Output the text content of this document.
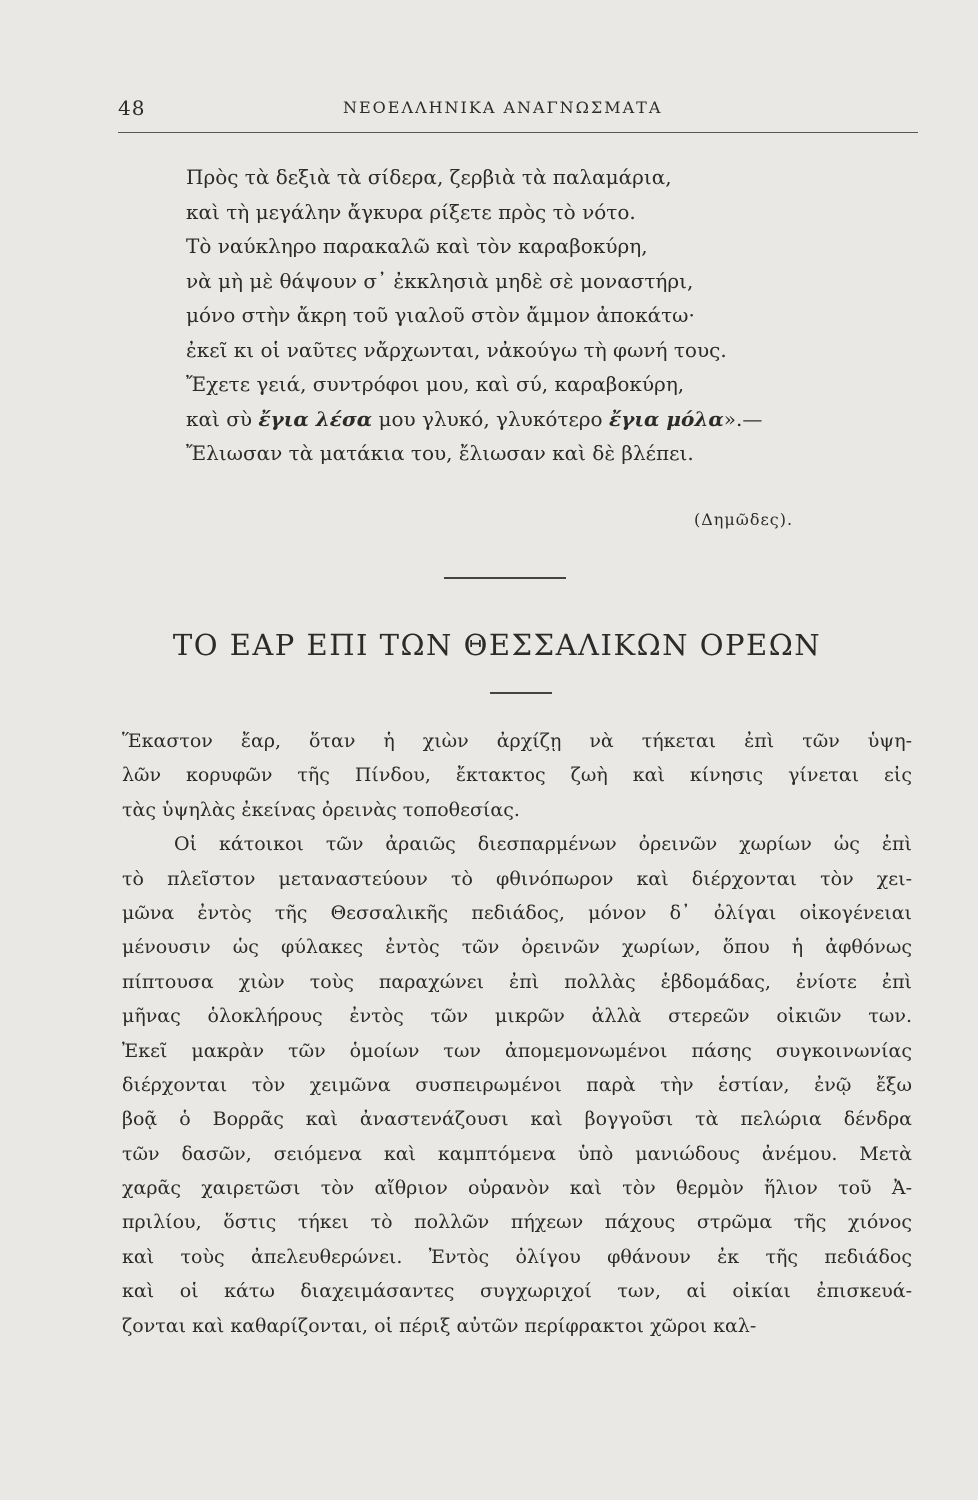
48	ΝΕΟΕΛΛΗΝΙΚΑ ΑΝΑΓΝΩΣΜΑΤΑ
Πρὸς τὰ δεξιὰ τὰ σίδερα, ζερβιὰ τὰ παλαμάρια,
καὶ τὴ μεγάλην ἄγκυρα ρίξετε πρὸς τὸ νότο.
Τὸ ναύκληρο παρακαλῶ καὶ τὸν καραβοκύρη,
νὰ μὴ μὲ θάψουν σ᾽ ἐκκλησιὰ μηδὲ σὲ μοναστήρι,
μόνο στὴν ἄκρη τοῦ γιαλοῦ στὸν ἄμμον ἀποκάτω·
ἐκεῖ κι οἱ ναῦτες νἄρχωνται, νἀκούγω τὴ φωνή τους.
Ἔχετε γειά, συντρόφοι μου, καὶ σύ, καραβοκύρη,
καὶ σὺ ἔγια λέσα μου γλυκό, γλυκότερο ἔγια μόλα».—
Ἔλιωσαν τὰ ματάκια του, ἔλιωσαν καὶ δὲ βλέπει.
(Δημῶδες).
ΤΟ ΕΑΡ ΕΠΙ ΤΩΝ ΘΕΣΣΑΛΙΚΩΝ ΟΡΕΩΝ
Ἕκαστον ἔαρ, ὅταν ἡ χιὼν ἀρχίζῃ νὰ τήκεται ἐπὶ τῶν ὑψη-
λῶν κορυφῶν τῆς Πίνδου, ἔκτακτος ζωὴ καὶ κίνησις γίνεται εἰς
τὰς ὑψηλὰς ἐκείνας ὀρεινὰς τοποθεσίας.
Οἱ κάτοικοι τῶν ἀραιῶς διεσπαρμένων ὀρεινῶν χωρίων ὡς ἐπὶ
τὸ πλεῖστον μεταναστεύουν τὸ φθινόπωρον καὶ διέρχονται τὸν χει-
μῶνα ἐντὸς τῆς Θεσσαλικῆς πεδιάδος, μόνον δ᾽ ὀλίγαι οἰκογένειαι
μένουσιν ὡς φύλακες ἐντὸς τῶν ὀρεινῶν χωρίων, ὅπου ἡ ἀφθόνως
πίπτουσα χιὼν τοὺς παραχώνει ἐπὶ πολλὰς ἑβδομάδας, ἐνίοτε ἐπὶ
μῆνας ὁλοκλήρους ἐντὸς τῶν μικρῶν ἀλλὰ στερεῶν οἰκιῶν των.
Ἐκεῖ μακρὰν τῶν ὁμοίων των ἀπομεμονωμένοι πάσης συγκοινωνίας
διέρχονται τὸν χειμῶνα συσπειρωμένοι παρὰ τὴν ἑστίαν, ἐνῷ ἔξω
βοᾷ ὁ Βορρᾶς καὶ ἀναστενάζουσι καὶ βογγοῦσι τὰ πελώρια δένδρα
τῶν δασῶν, σειόμενα καὶ καμπτόμενα ὑπὸ μανιώδους ἀνέμου. Μετὰ
χαρᾶς χαιρετῶσι τὸν αἴθριον οὐρανὸν καὶ τὸν θερμὸν ἥλιον τοῦ Ἀ-
πριλίου, ὅστις τήκει τὸ πολλῶν πήχεων πάχους στρῶμα τῆς χιόνος
καὶ τοὺς ἀπελευθερώνει. Ἐντὸς ὀλίγου φθάνουν ἐκ τῆς πεδιάδος
καὶ οἱ κάτω διαχειμάσαντες συγχωριχοί των, αἱ οἰκίαι ἐπισκευά-
ζονται καὶ καθαρίζονται, οἱ πέριξ αὐτῶν περίφρακτοι χῶροι καλ-
